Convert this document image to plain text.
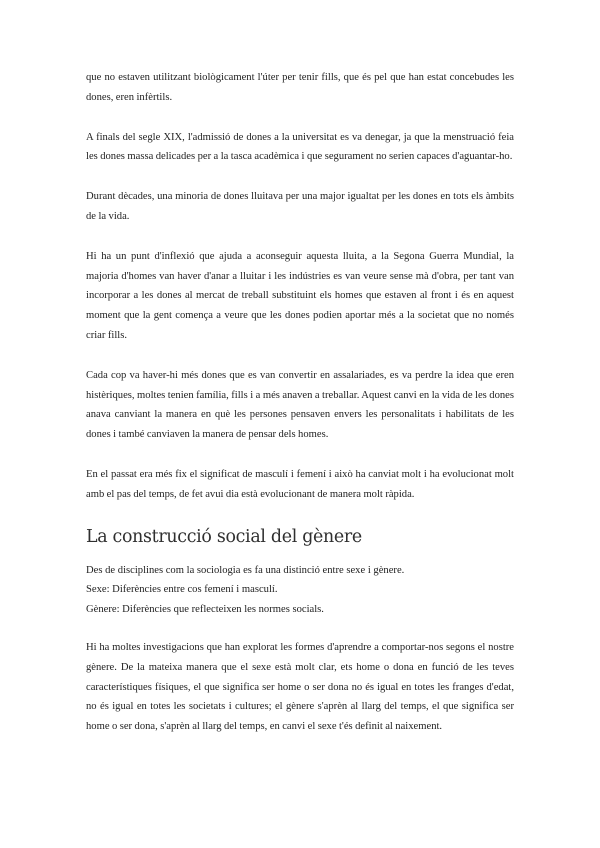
que no estaven utilitzant biològicament l'úter per tenir fills, que és pel que han estat concebudes les dones, eren infèrtils.

A finals del segle XIX, l'admissió de dones a la universitat es va denegar, ja que la menstruació feia les dones massa delicades per a la tasca acadèmica i que segurament no serien capaces d'aguantar-ho.

Durant dècades, una minoria de dones lluitava per una major igualtat per les dones en tots els àmbits de la vida.

Hi ha un punt d'inflexió que ajuda a aconseguir aquesta lluita, a la Segona Guerra Mundial, la majoria d'homes van haver d'anar a lluitar i les indústries es van veure sense mà d'obra, per tant van incorporar a les dones al mercat de treball substituint els homes que estaven al front i és en aquest moment que la gent comença a veure que les dones podien aportar més a la societat que no només criar fills.

Cada cop va haver-hi més dones que es van convertir en assalariades, es va perdre la idea que eren histèriques, moltes tenien família, fills i a més anaven a treballar. Aquest canvi en la vida de les dones anava canviant la manera en què les persones pensaven envers les personalitats i habilitats de les dones i també canviaven la manera de pensar dels homes.

En el passat era més fix el significat de masculí i femení i això ha canviat molt i ha evolucionat molt amb el pas del temps, de fet avui dia està evolucionant de manera molt ràpida.

La construcció social del gènere

Des de disciplines com la sociologia es fa una distinció entre sexe i gènere.

Sexe: Diferències entre cos femení i masculí.

Gènere: Diferències que reflecteixen les normes socials.

Hi ha moltes investigacions que han explorat les formes d'aprendre a comportar-nos segons el nostre gènere. De la mateixa manera que el sexe està molt clar, ets home o dona en funció de les teves característiques físiques, el que significa ser home o ser dona no és igual en totes les franges d'edat, no és igual en totes les societats i cultures; el gènere s'aprèn al llarg del temps, el que significa ser home o ser dona, s'aprèn al llarg del temps, en canvi el sexe t'és definit al naixement.
